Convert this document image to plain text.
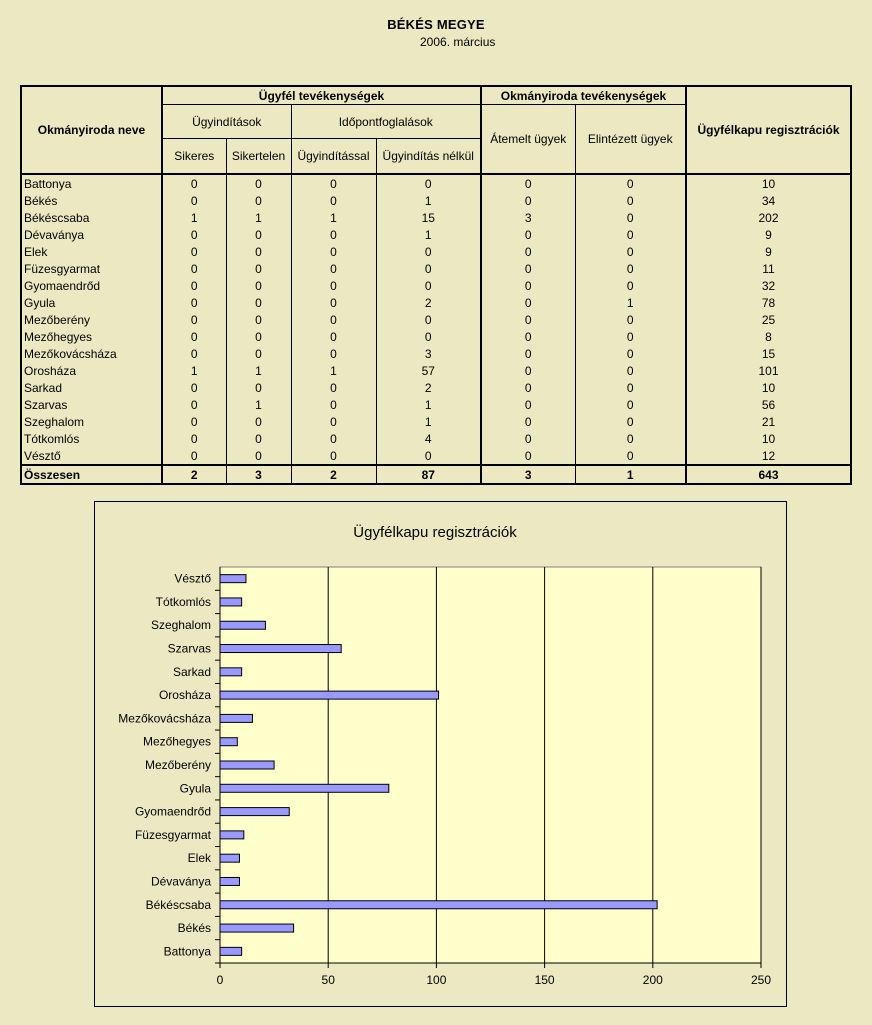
BÉKÉS MEGYE
2006. március
Okmányiroda neve	Ügyfél tevékenységek				Okmányiroda tevékenységek		Ügyfélkapu regisztrációk
	Ügyindítások		Időpontfoglalások		Átemelt ügyek	Elintézett ügyek	
	Sikeres	Sikertelen	Ügyindítással	Ügyindítás nélkül			
Battonya	0	0	0	0	0	0	10
Békés	0	0	0	1	0	0	34
Békéscsaba	1	1	1	15	3	0	202
Dévaványa	0	0	0	1	0	0	9
Elek	0	0	0	0	0	0	9
Füzesgyarmat	0	0	0	0	0	0	11
Gyomaendrőd	0	0	0	0	0	0	32
Gyula	0	0	0	2	0	1	78
Mezőberény	0	0	0	0	0	0	25
Mezőhegyes	0	0	0	0	0	0	8
Mezőkovácsháza	0	0	0	3	0	0	15
Orosháza	1	1	1	57	0	0	101
Sarkad	0	0	0	2	0	0	10
Szarvas	0	1	0	1	0	0	56
Szeghalom	0	0	0	1	0	0	21
Tótkomlós	0	0	0	4	0	0	10
Vésztő	0	0	0	0	0	0	12
Összesen	2	3	2	87	3	1	643
Ügyfélkapu regisztrációk
0	50	100	150	200	250
Battonya
Békés
Békéscsaba
Dévaványa
Elek
Füzesgyarmat
Gyomaendrőd
Gyula
Mezőberény
Mezőhegyes
Mezőkovácsháza
Orosháza
Sarkad
Szarvas
Szeghalom
Tótkomlós
Vésztő
